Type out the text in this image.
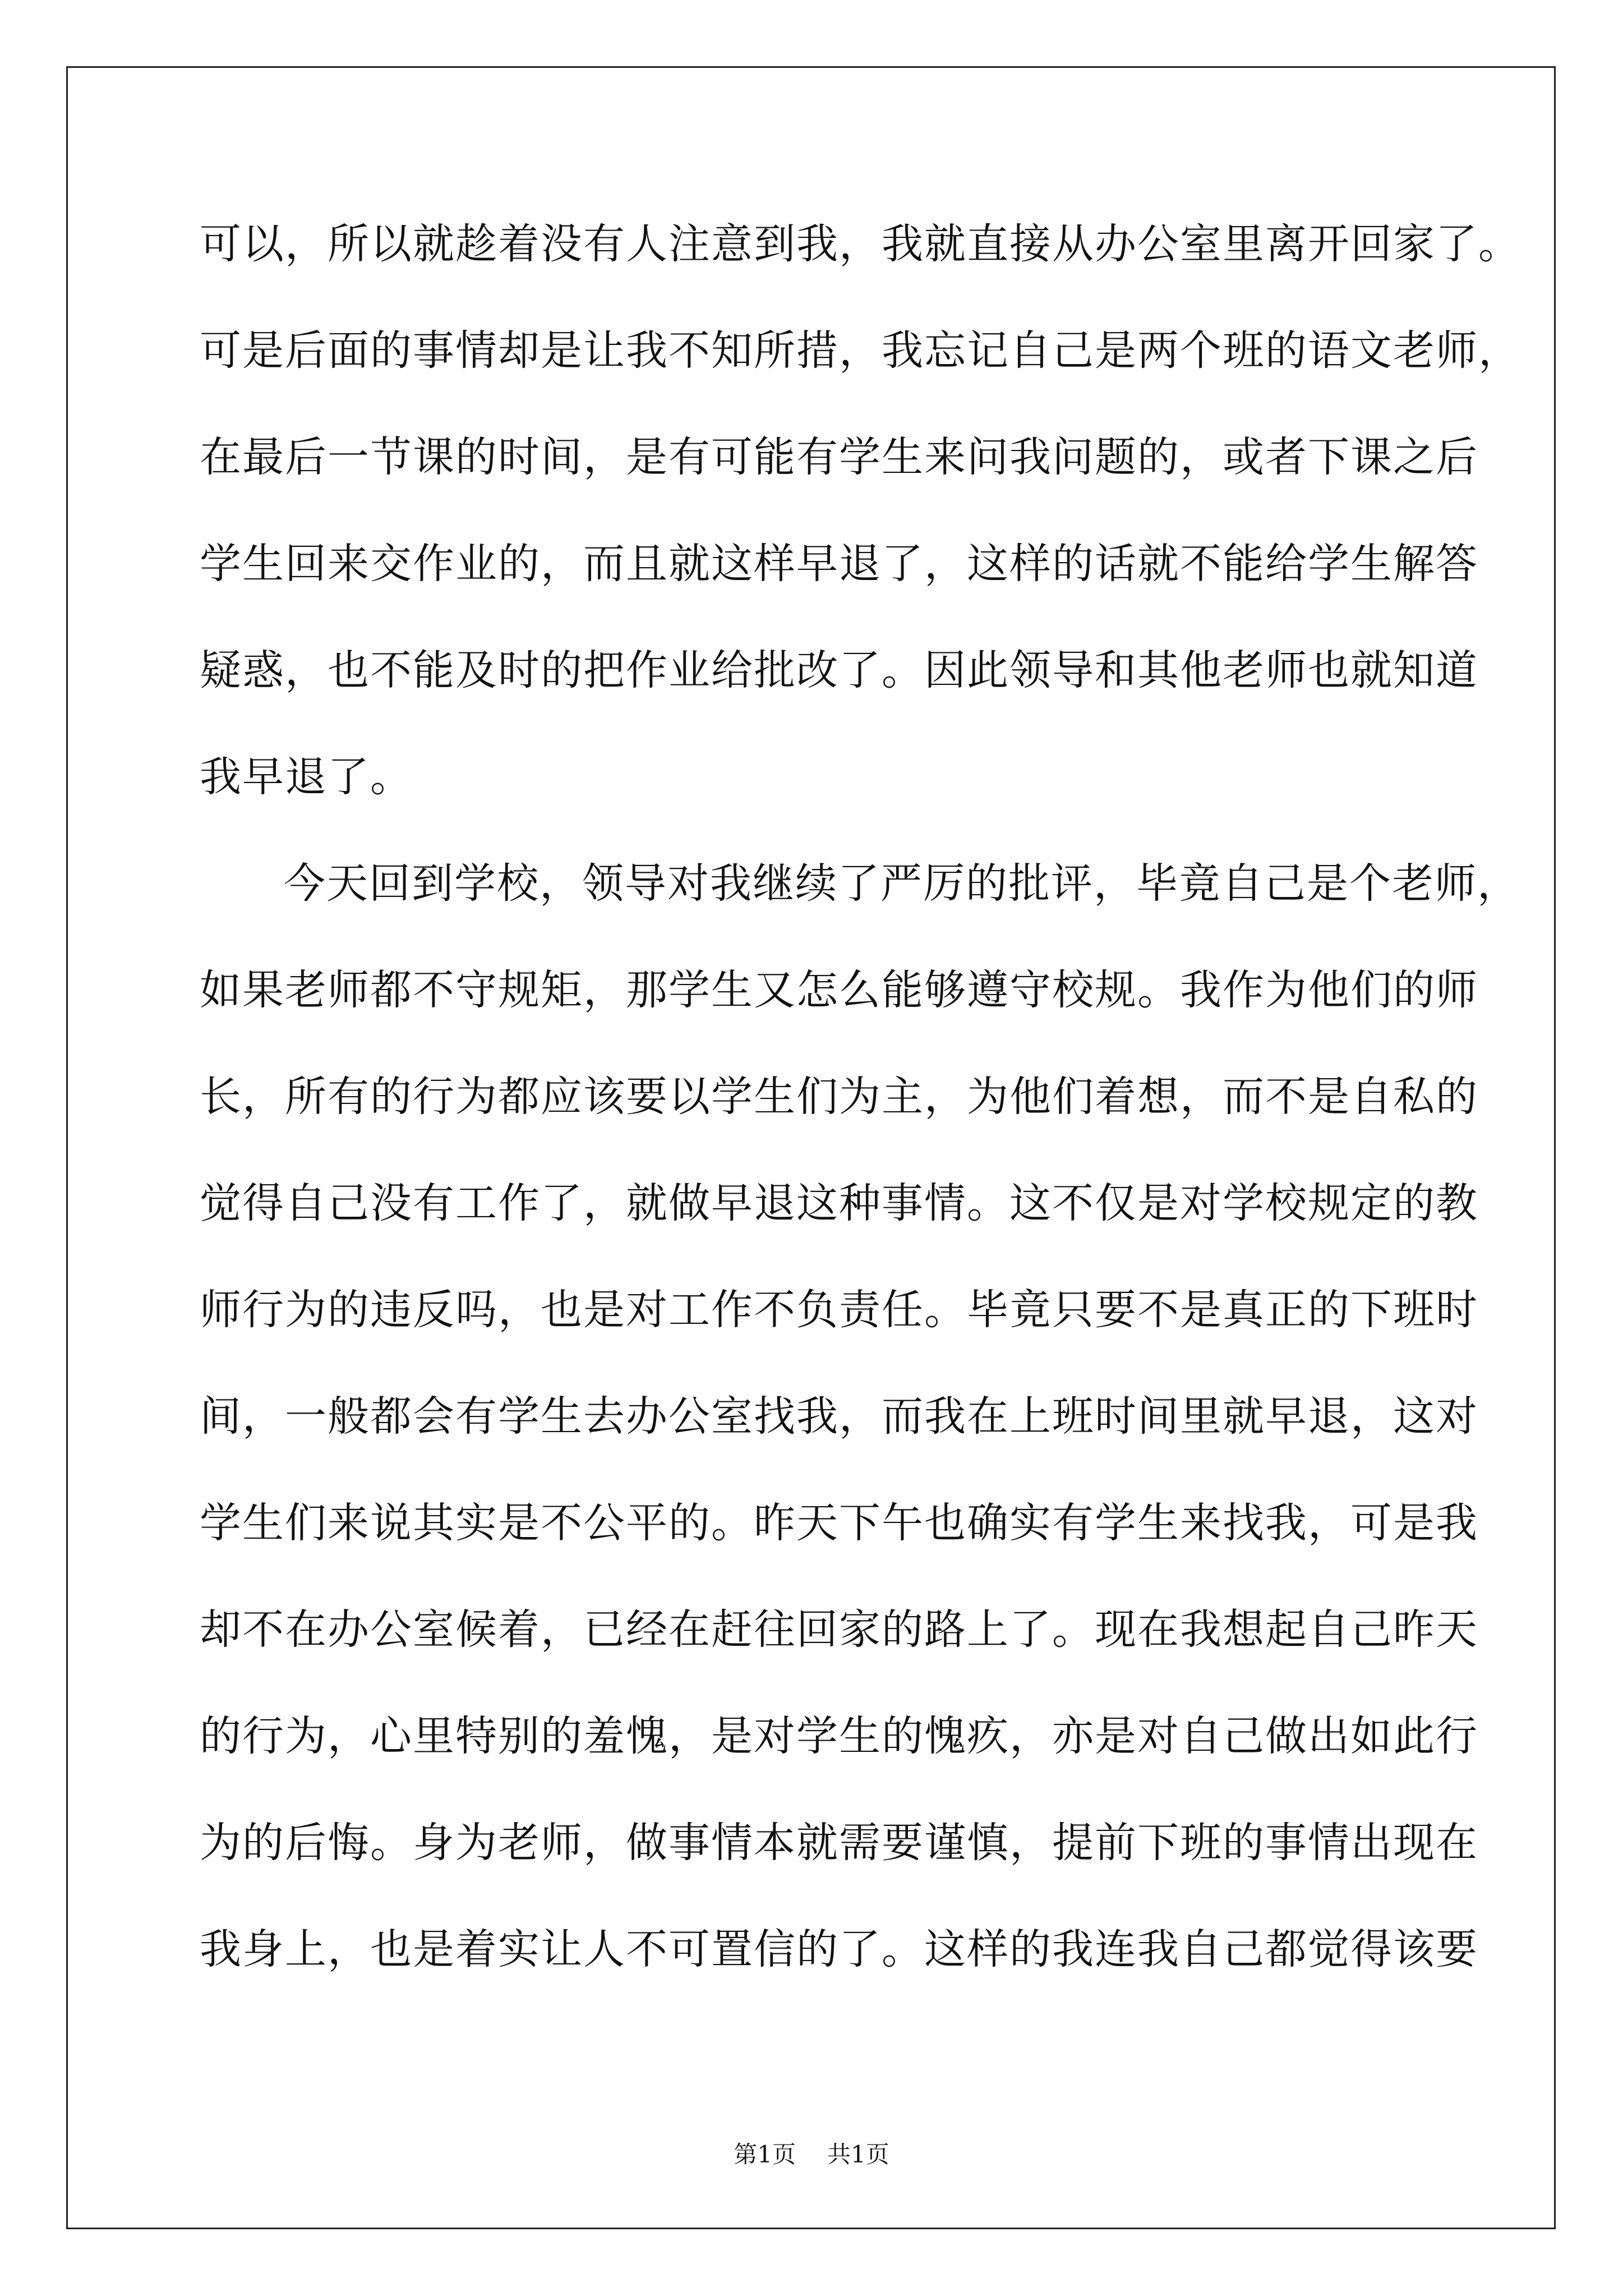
可以，所以就趁着没有人注意到我，我就直接从办公室里离开回家了。
可是后面的事情却是让我不知所措，我忘记自己是两个班的语文老师，
在最后一节课的时间，是有可能有学生来问我问题的，或者下课之后
学生回来交作业的，而且就这样早退了，这样的话就不能给学生解答
疑惑，也不能及时的把作业给批改了。因此领导和其他老师也就知道
我早退了。
今天回到学校，领导对我继续了严厉的批评，毕竟自己是个老师，
如果老师都不守规矩，那学生又怎么能够遵守校规。我作为他们的师
长，所有的行为都应该要以学生们为主，为他们着想，而不是自私的
觉得自己没有工作了，就做早退这种事情。这不仅是对学校规定的教
师行为的违反吗，也是对工作不负责任。毕竟只要不是真正的下班时
间，一般都会有学生去办公室找我，而我在上班时间里就早退，这对
学生们来说其实是不公平的。昨天下午也确实有学生来找我，可是我
却不在办公室候着，已经在赶往回家的路上了。现在我想起自己昨天
的行为，心里特别的羞愧，是对学生的愧疚，亦是对自己做出如此行
为的后悔。身为老师，做事情本就需要谨慎，提前下班的事情出现在
我身上，也是着实让人不可置信的了。这样的我连我自己都觉得该要
第1页 共1页
